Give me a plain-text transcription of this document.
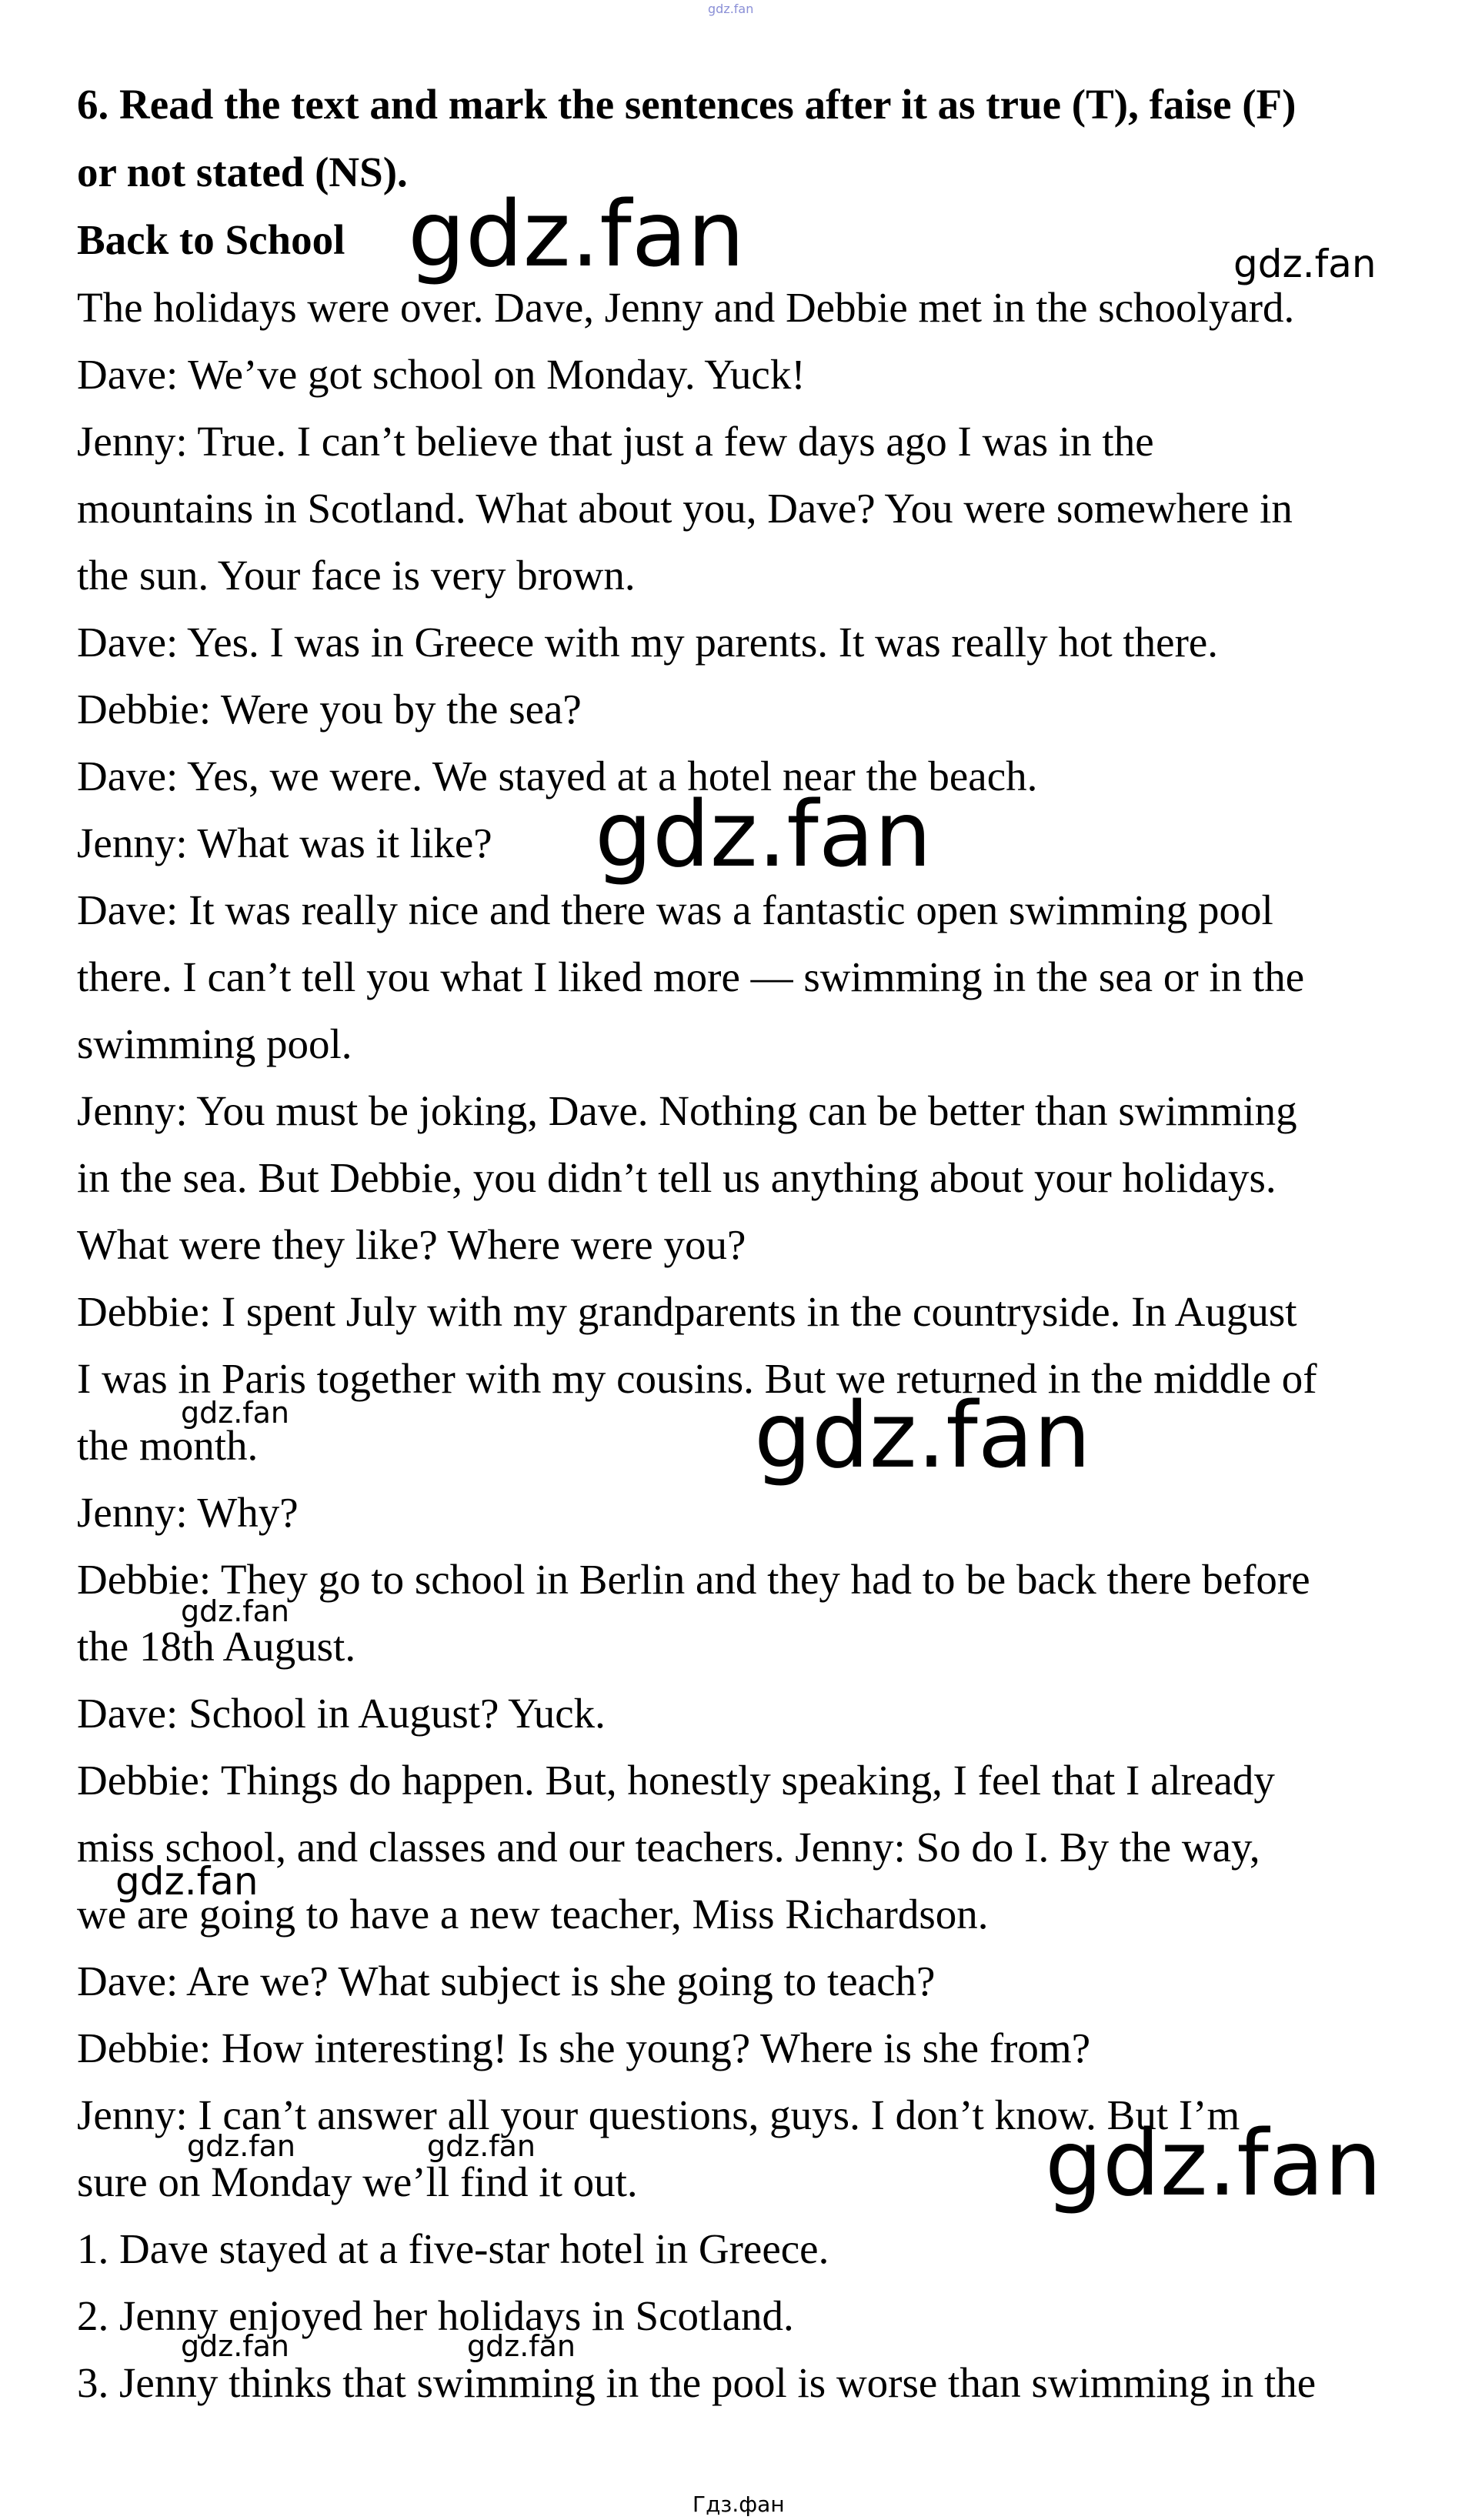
gdz.fan
6. Read the text and mark the sentences after it as true (T), faise (F)
or not stated (NS).
Back to School
The holidays were over. Dave, Jenny and Debbie met in the schoolyard.
Dave: We’ve got school on Monday. Yuck!
Jenny: True. I can’t believe that just a few days ago I was in the
mountains in Scotland. What about you, Dave? You were somewhere in
the sun. Your face is very brown.
Dave: Yes. I was in Greece with my parents. It was really hot there.
Debbie: Were you by the sea?
Dave: Yes, we were. We stayed at a hotel near the beach.
Jenny: What was it like?
Dave: It was really nice and there was a fantastic open swimming pool
there. I can’t tell you what I liked more — swimming in the sea or in the
swimming pool.
Jenny: You must be joking, Dave. Nothing can be better than swimming
in the sea. But Debbie, you didn’t tell us anything about your holidays.
What were they like? Where were you?
Debbie: I spent July with my grandparents in the countryside. In August
I was in Paris together with my cousins. But we returned in the middle of
the month.
Jenny: Why?
Debbie: They go to school in Berlin and they had to be back there before
the 18th August.
Dave: School in August? Yuck.
Debbie: Things do happen. But, honestly speaking, I feel that I already
miss school, and classes and our teachers. Jenny: So do I. By the way,
we are going to have a new teacher, Miss Richardson.
Dave: Are we? What subject is she going to teach?
Debbie: How interesting! Is she young? Where is she from?
Jenny: I can’t answer all your questions, guys. I don’t know. But I’m
sure on Monday we’ll find it out.
1. Dave stayed at a five-star hotel in Greece.
2. Jenny enjoyed her holidays in Scotland.
3. Jenny thinks that swimming in the pool is worse than swimming in the
gdz.fan	gdz.fan
gdz.fan
gdz.fan	gdz.fan
gdz.fan
gdz.fan
gdz.fan	gdz.fan	gdz.fan
gdz.fan	gdz.fan
Гдз.фан
